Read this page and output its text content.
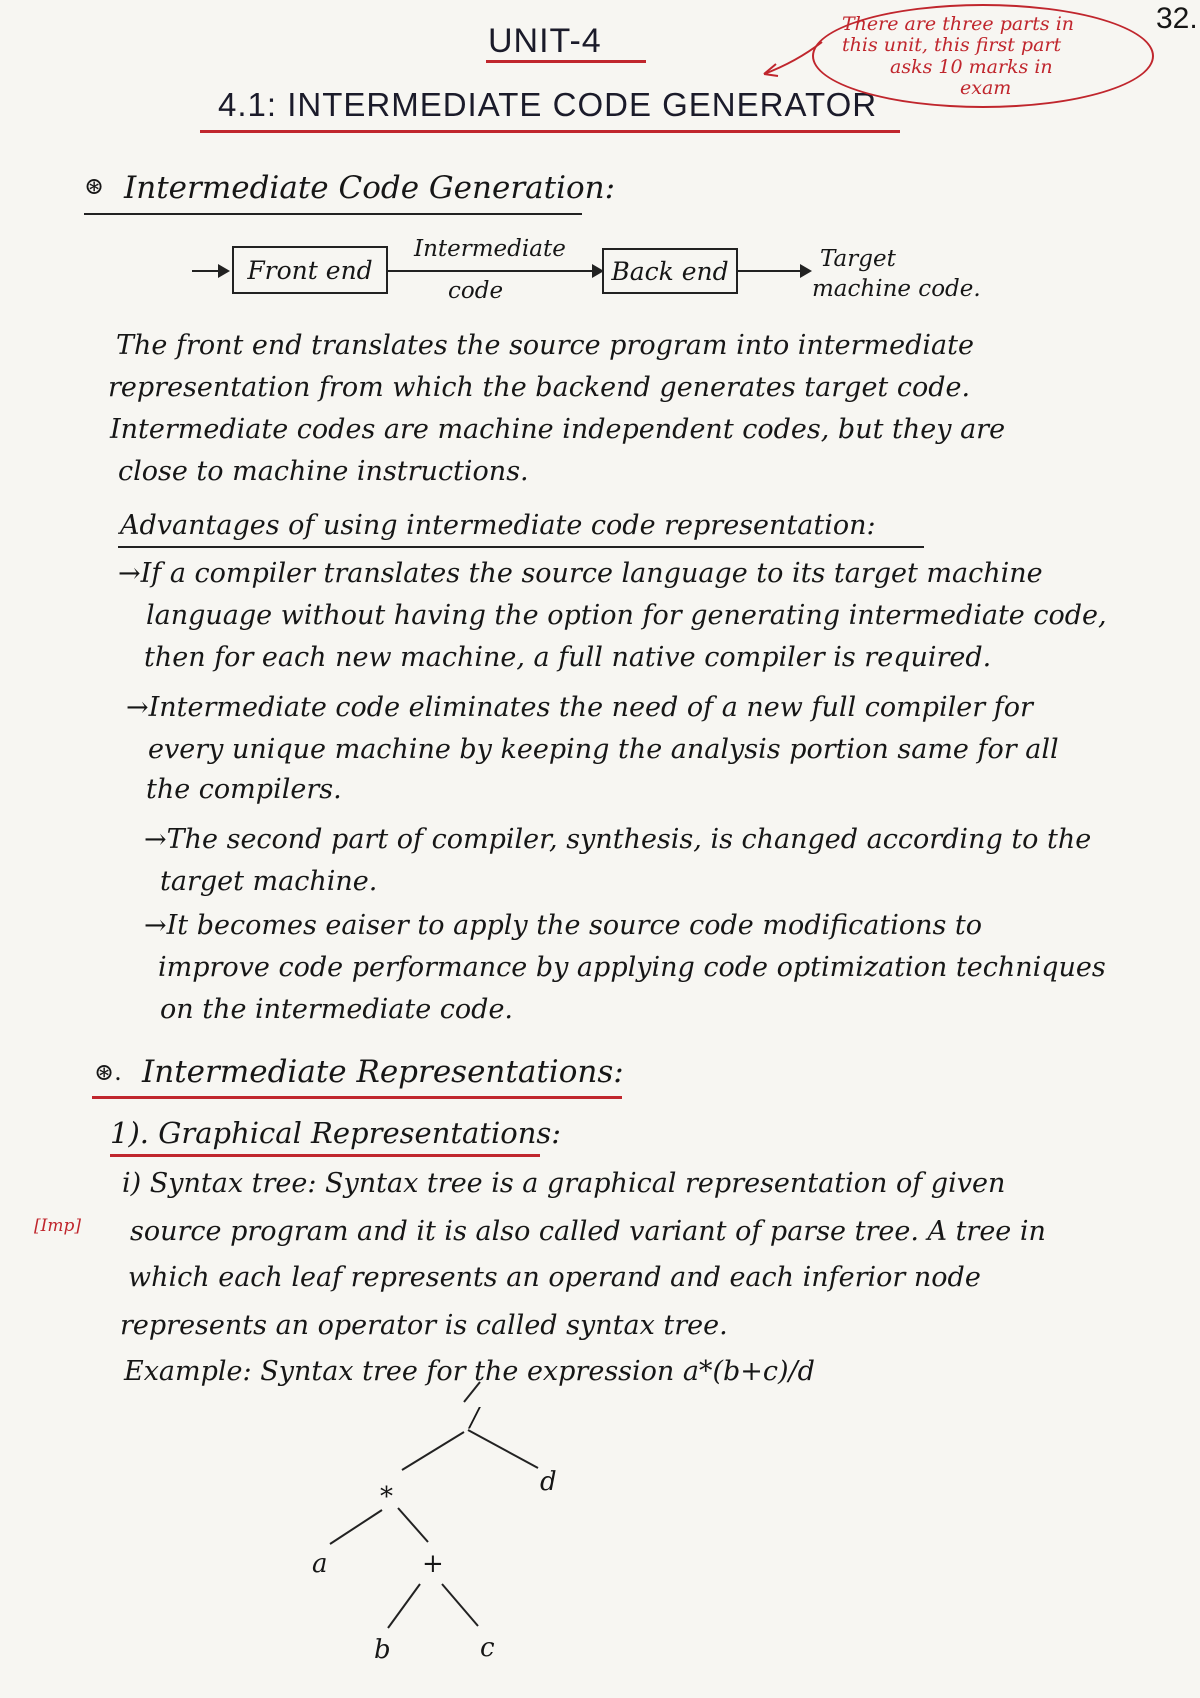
UNIT-4
4.1: INTERMEDIATE CODE GENERATOR
32.
There are three parts in
this unit, this first part
asks 10 marks in
exam
⊛ Intermediate Code Generation:
Front end
Intermediate
code
Back end	Target
machine code.
The front end translates the source program into intermediate
representation from which the backend generates target code.
Intermediate codes are machine independent codes, but they are
close to machine instructions.
Advantages of using intermediate code representation:
→If a compiler translates the source language to its target machine
language without having the option for generating intermediate code,
then for each new machine, a full native compiler is required.
→Intermediate code eliminates the need of a new full compiler for
every unique machine by keeping the analysis portion same for all
the compilers.
→The second part of compiler, synthesis, is changed according to the
target machine.
→It becomes eaiser to apply the source code modifications to
improve code performance by applying code optimization techniques
on the intermediate code.
⊛. Intermediate Representations:
1). Graphical Representations:
[Imp]
i) Syntax tree: Syntax tree is a graphical representation of given
source program and it is also called variant of parse tree. A tree in
which each leaf represents an operand and each inferior node
represents an operator is called syntax tree.
Example: Syntax tree for the expression a*(b+c)/d
/
*	d
a	+
b	c
